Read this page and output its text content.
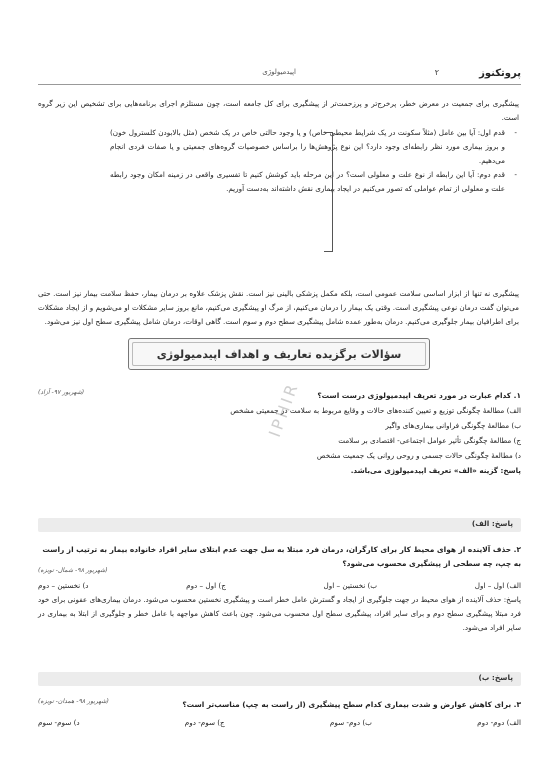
پروتکنوز
۲
اپیدمیولوژی
پیشگیری برای جمعیت در معرض خطر، پرخرج‌تر و پرزحمت‌تر از پیشگیری برای کل جامعه است، چون مستلزم اجرای برنامه‌هایی برای تشخیص این زیر گروه است.
-
قدم اول: آیا بین عامل (مثلاً سکونت در یک شرایط محیطی خاص) و یا وجود حالتی خاص در یک شخص (مثل بالابودن کلسترول خون) و بروز بیماری مورد نظر رابطه‌ای وجود دارد؟ این نوع پژوهش‌ها را براساس خصوصیات گروه‌های جمعیتی و یا صفات فردی انجام می‌دهیم.
-
قدم دوم: آیا این رابطه از نوع علت و معلولی است؟ در این مرحله باید کوشش کنیم تا تفسیری واقعی در زمینه امکان وجود رابطه علت و معلولی از تمام عواملی که تصور می‌کنیم در ایجاد بیماری نقش داشته‌اند به‌دست آوریم.
پیشگیری نه تنها از ابزار اساسی سلامت عمومی است، بلکه مکمل پزشکی بالینی نیز است. نقش پزشک علاوه بر درمان بیمار، حفظ سلامت بیمار نیز است. حتی می‌توان گفت درمان نوعی پیشگیری است. وقتی یک بیمار را درمان می‌کنیم، از مرگ او پیشگیری می‌کنیم، مانع بروز سایر مشکلات او می‌شویم و از ایجاد مشکلات برای اطرافیان بیمار جلوگیری می‌کنیم. درمان به‌طور عمده شامل پیشگیری سطح دوم و سوم است. گاهی اوقات، درمان شامل پیشگیری سطح اول نیز می‌شود.
سؤالات برگزیده تعاریف و اهداف اپیدمیولوژی
IPHIR ۱. کدام عبارت در مورد تعریف اپیدمیولوژی درست است؟
(شهریور ۹۷- آزاد)
الف) مطالعهٔ چگونگی توزیع و تعیین کننده‌های حالات و وقایع مربوط به سلامت در جمعیتی مشخص
ب) مطالعهٔ چگونگی فراوانی بیماری‌های واگیر
ج) مطالعهٔ چگونگی تأثیر عوامل اجتماعی- اقتصادی بر سلامت
د) مطالعهٔ چگونگی حالات جسمی و روحی روانی یک جمعیت مشخص
پاسخ: گزینه «الف» تعریف اپیدمیولوژی می‌باشد.
پاسخ: الف)
۲. حذف آلاینده از هوای محیط کار برای کارگران، درمان فرد مبتلا به سل جهت عدم ابتلای سایر افراد خانواده بیمار به ترتیب از راست به چپ، چه سطحی از پیشگیری محسوب می‌شود؟
(شهریور ۹۸- شمال- تویزه)
الف) اول – اول
ب) نخستین – اول
ج) اول – دوم
د) نخستین – دوم
پاسخ: حذف آلاینده از هوای محیط در جهت جلوگیری از ایجاد و گسترش عامل خطر است و پیشگیری نخستین محسوب می‌شود. درمان بیماری‌های عفونی برای خود فرد مبتلا پیشگیری سطح دوم و برای سایر افراد، پیشگیری سطح اول محسوب می‌شود. چون باعث کاهش مواجهه با عامل خطر و جلوگیری از ابتلا به بیماری در سایر افراد می‌شود.
پاسخ: ب)
۳. برای کاهش عوارض و شدت بیماری کدام سطح پیشگیری (از راست به چپ) مناسب‌تر است؟
(شهریور ۹۸- همدان- تویزه)
الف) دوم- دوم
ب) دوم- سوم
ج) سوم- دوم
د) سوم- سوم
